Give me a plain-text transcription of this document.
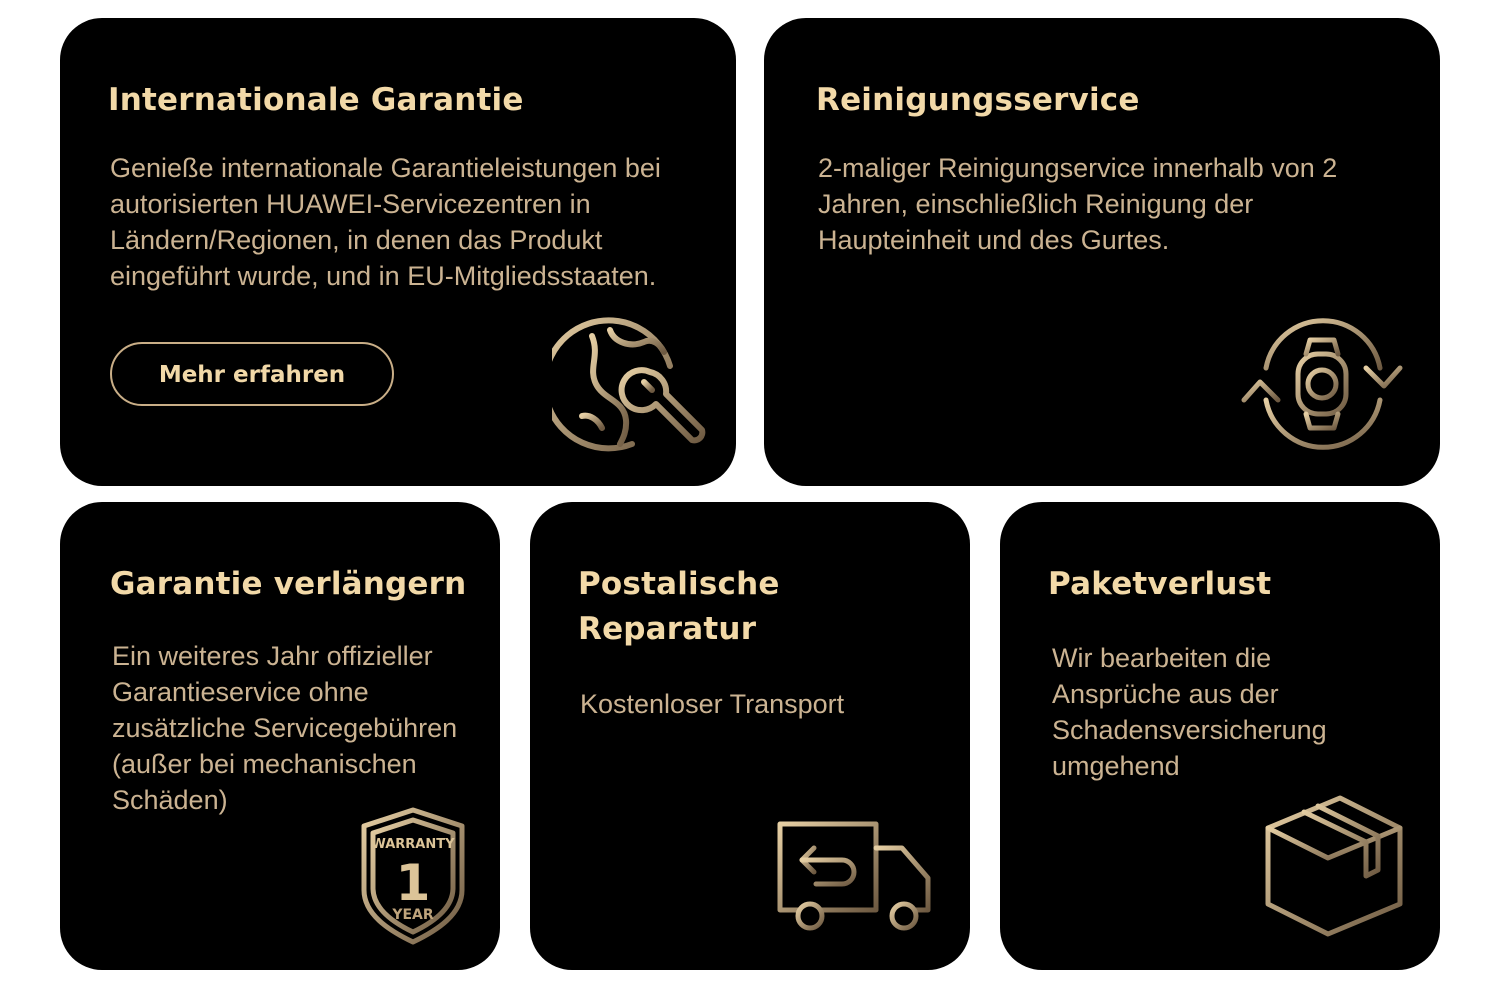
Internationale Garantie

Genieße internationale Garantieleistungen bei autorisierten HUAWEI-Servicezentren in Ländern/Regionen, in denen das Produkt eingeführt wurde, und in EU-Mitgliedsstaaten.

Mehr erfahren
Reinigungsservice

2-maliger Reinigungservice innerhalb von 2 Jahren, einschließlich Reinigung der Haupteinheit und des Gurtes.

Garantie verlängern

Ein weiteres Jahr offizieller Garantieservice ohne zusätzliche Servicegebühren (außer bei mechanischen Schäden)

WARRANTY
1
YEAR
Postalische Reparatur

Kostenloser Transport

Paketverlust

Wir bearbeiten die Ansprüche aus der Schadensversicherung umgehend
